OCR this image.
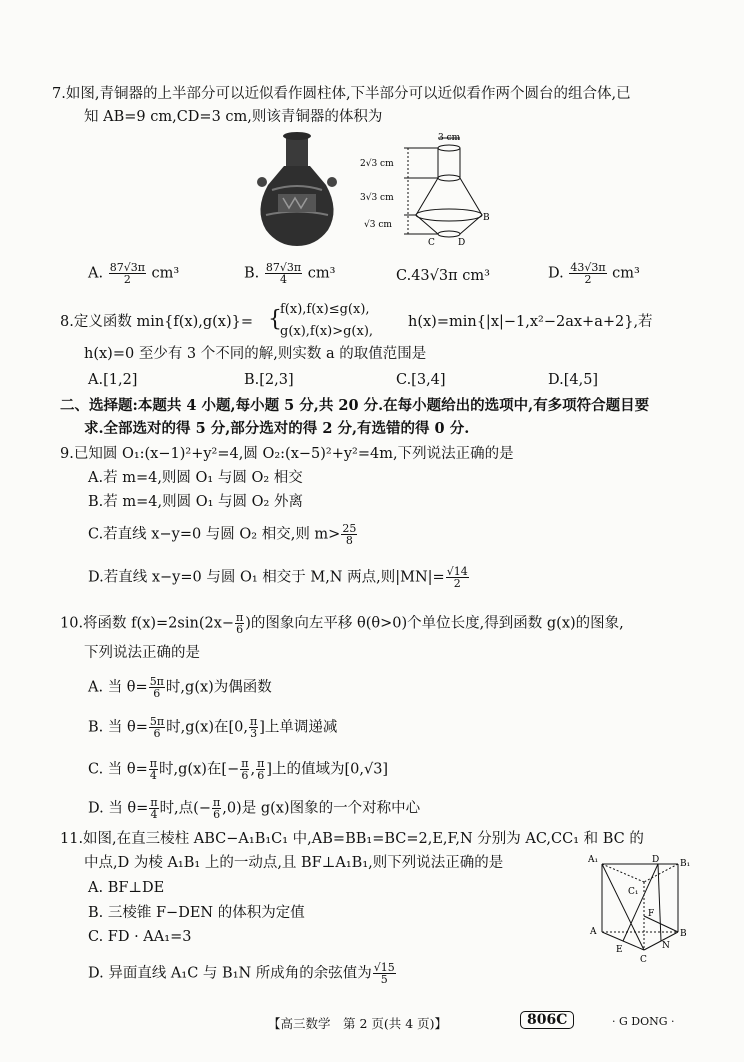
7.如图,青铜器的上半部分可以近似看作圆柱体,下半部分可以近似看作两个圆台的组合体,已
知 AB=9 cm,CD=3 cm,则该青铜器的体积为
3 cm
2√3 cm
3√3 cm
√3 cm
B
C	D
A. $\frac{87√3\pi}{2} cm^3$	B. $\frac{87√3\pi}{4} cm^3$	C.43√3π cm³	D. $\frac{43√3\pi}{2} cm^3$
8.定义函数 min{f(x),g(x)}= {
f(x),f(x)≤g(x),
g(x),f(x)>g(x),
h(x)=min{|x|−1,x²−2ax+a+2},若
h(x)=0 至少有 3 个不同的解,则实数 a 的取值范围是
A.[1,2]	B.[2,3]	C.[3,4]	D.[4,5]
二、选择题:本题共 4 小题,每小题 5 分,共 20 分.在每小题给出的选项中,有多项符合题目要
求.全部选对的得 5 分,部分选对的得 2 分,有选错的得 0 分.
9.已知圆 O₁:(x−1)²+y²=4,圆 O₂:(x−5)²+y²=4m,下列说法正确的是
A.若 m=4,则圆 O₁ 与圆 O₂ 相交
B.若 m=4,则圆 O₁ 与圆 O₂ 外离
C.若直线 x−y=0 与圆 O₂ 相交,则 $m> \frac{25}{8}$
D.若直线 x−y=0 与圆 O₁ 相交于 M,N 两点,则$|MN|= \frac{√14}{2}$
10.将函数 $f(x)=2\sin(2x- \frac{\pi}{6}$ )的图象向左平移 θ(θ>0)个单位长度,得到函数 g(x)的图象,
下列说法正确的是
A. 当 $\theta= \frac{5\pi}{6}$ 时,g(x)为偶函数
B. 当 $\theta= \frac{5\pi}{6}$ 时,g(x)在[0, $\frac{\pi}{3}$ ]上单调递减
C. 当 $\theta= \frac{\pi}{4}$ 时,g(x)在[− $\frac{\pi}{6}$ , $\frac{\pi}{6}$ ]上的值域为[0,√3]
D. 当 $\theta= \frac{\pi}{4}$ 时,点(− $\frac{\pi}{6} ,0$)是 g(x)图象的一个对称中心
11.如图,在直三棱柱 ABC−A₁B₁C₁ 中,AB=BB₁=BC=2,E,F,N 分别为 AC,CC₁ 和 BC 的
中点,D 为棱 A₁B₁ 上的一动点,且 BF⊥A₁B₁,则下列说法正确的是
A. BF⊥DE
B. 三棱锥 F−DEN 的体积为定值
C. FD · AA₁=3
D. 异面直线 A₁C 与 B₁N 所成角的余弦值为 $\frac{√15}{5}$
A₁	D B₁
C₁
F
A	B
E	N
C
【高三数学　第 2 页(共 4 页)】	806C	· G DONG ·
